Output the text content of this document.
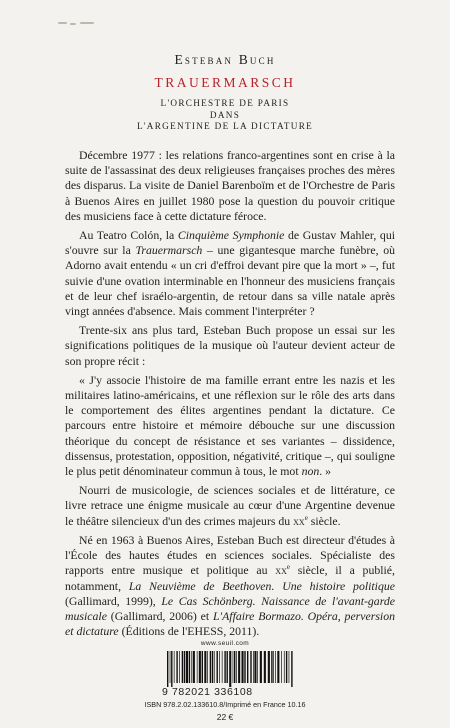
Esteban Buch
TRAUERMARSCH
L'ORCHESTRE DE PARIS
DANS
L'ARGENTINE DE LA DICTATURE

Décembre 1977 : les relations franco-argentines sont en crise à la suite de l'assassinat des deux religieuses françaises proches des mères des disparus. La visite de Daniel Barenboïm et de l'Orchestre de Paris à Buenos Aires en juillet 1980 pose la question du pouvoir critique des musiciens face à cette dictature féroce.

Au Teatro Colón, la Cinquième Symphonie de Gustav Mahler, qui s'ouvre sur la Trauermarsch – une gigantesque marche funèbre, où Adorno avait entendu « un cri d'effroi devant pire que la mort » –, fut suivie d'une ovation interminable en l'honneur des musiciens français et de leur chef israélo-argentin, de retour dans sa ville natale après vingt années d'absence. Mais comment l'interpréter ?

Trente-six ans plus tard, Esteban Buch propose un essai sur les significations politiques de la musique où l'auteur devient acteur de son propre récit :

« J'y associe l'histoire de ma famille errant entre les nazis et les militaires latino-américains, et une réflexion sur le rôle des arts dans le comportement des élites argentines pendant la dictature. Ce parcours entre histoire et mémoire débouche sur une discussion théorique du concept de résistance et ses variantes – dissidence, dissensus, protestation, opposition, négativité, critique –, qui souligne le plus petit dénominateur commun à tous, le mot non. »

Nourri de musicologie, de sciences sociales et de littérature, ce livre retrace une énigme musicale au cœur d'une Argentine devenue le théâtre silencieux d'un des crimes majeurs du $xx^e$ siècle.

Né en 1963 à Buenos Aires, Esteban Buch est directeur d'études à l'École des hautes études en sciences sociales. Spécialiste des rapports entre musique et politique au $xx^e$ siècle, il a publié, notamment, La Neuvième de Beethoven. Une histoire politique (Gallimard, 1999), Le Cas Schönberg. Naissance de l'avant-garde musicale (Gallimard, 2006) et L'Affaire Bormazo. Opéra, perversion et dictature (Éditions de l'EHESS, 2011).

www.seuil.com
9 782021 336108
ISBN 978.2.02.133610.8/Imprimé en France 10.16
22 €
